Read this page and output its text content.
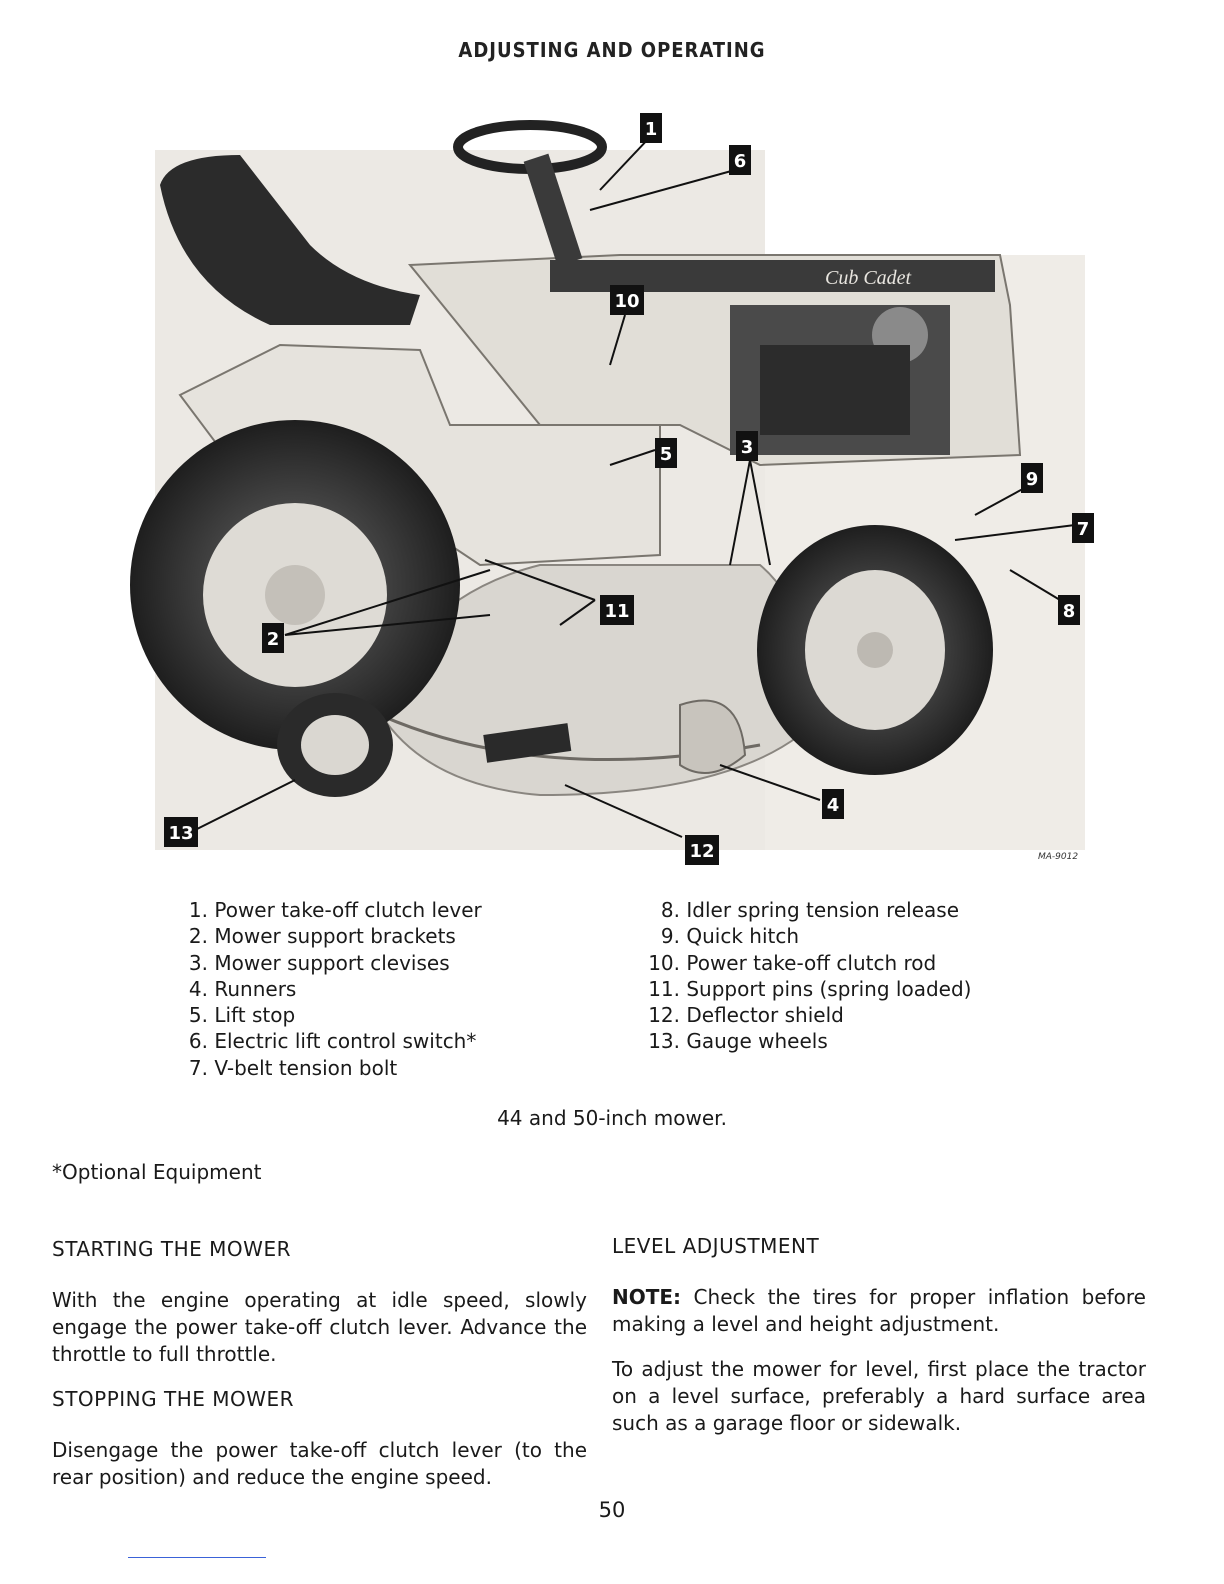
ADJUSTING AND OPERATING
Cub Cadet
1
6
10
5	3
9
7
8
11
2
4
13
12	MA-9012
1. Power take-off clutch lever
2. Mower support brackets
3. Mower support clevises
4. Runners
5. Lift stop
6. Electric lift control switch*
7. V-belt tension bolt
8. Idler spring tension release
9. Quick hitch
10. Power take-off clutch rod
11. Support pins (spring loaded)
12. Deflector shield
13. Gauge wheels
44 and 50-inch mower.
*Optional Equipment
STARTING THE MOWER
With the engine operating at idle speed, slowly engage the power take-off clutch lever. Advance the throttle to full throttle.
STOPPING THE MOWER
Disengage the power take-off clutch lever (to the rear position) and reduce the engine speed.
LEVEL ADJUSTMENT
NOTE: Check the tires for proper inflation before making a level and height adjustment.
To adjust the mower for level, first place the tractor on a level surface, preferably a hard surface area such as a garage floor or sidewalk.
50
